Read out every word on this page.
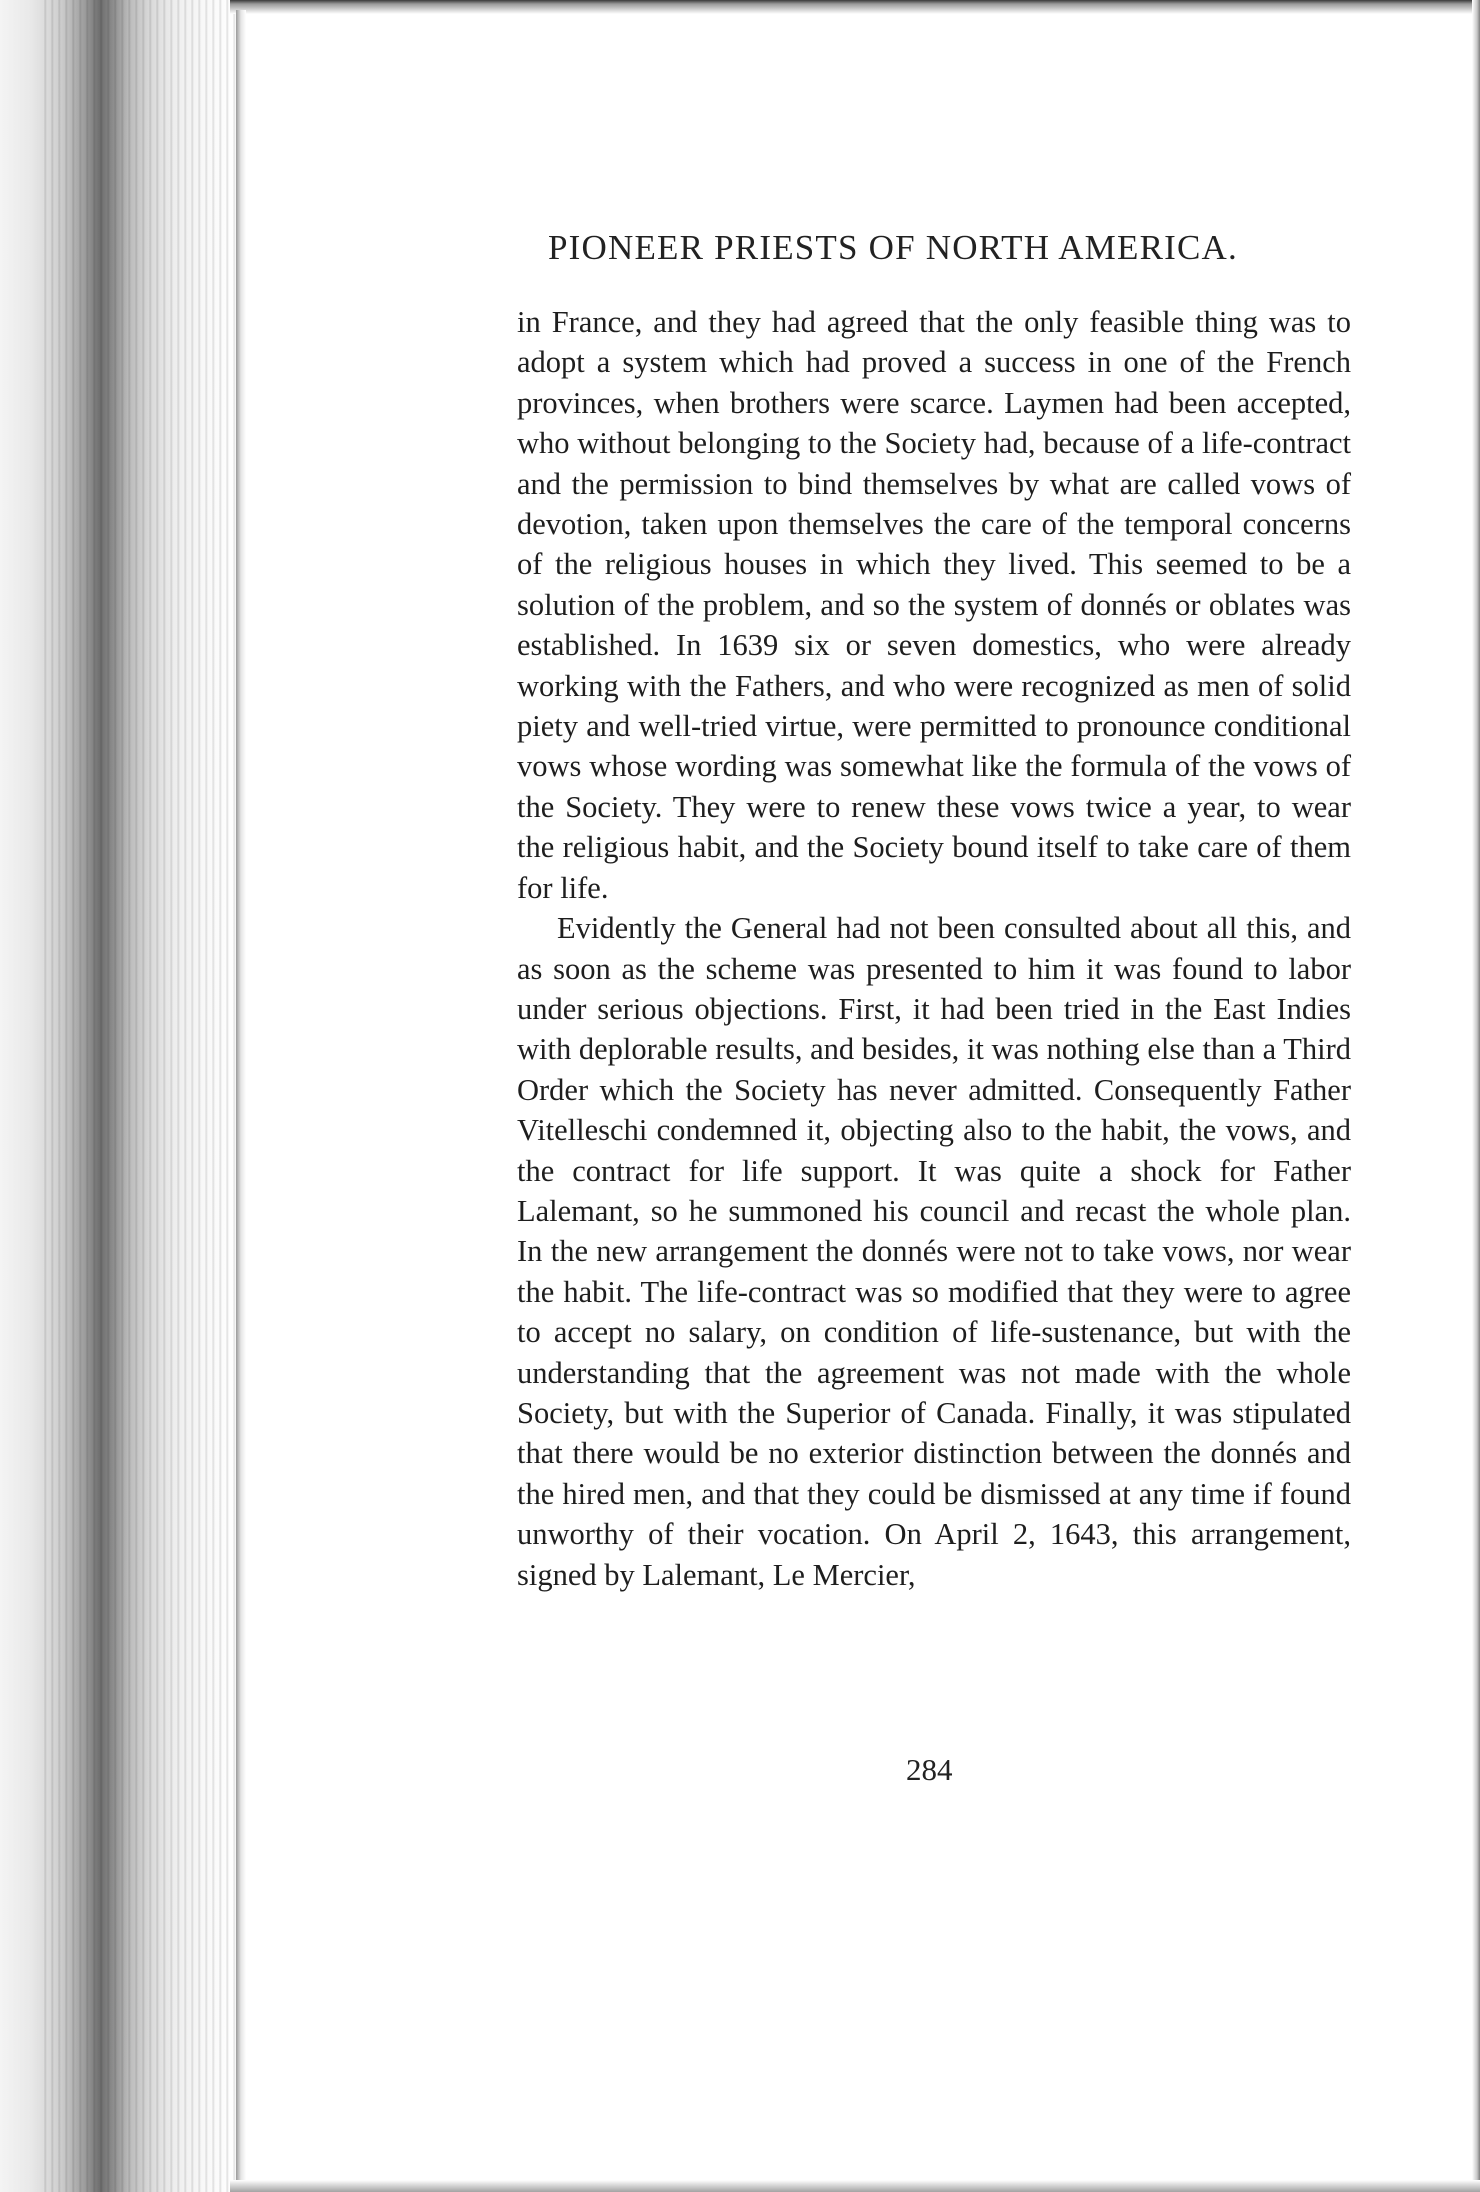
PIONEER PRIESTS OF NORTH AMERICA.

in France, and they had agreed that the only feasible thing was to adopt a system which had proved a success in one of the French provinces, when brothers were scarce. Laymen had been accepted, who without belonging to the Society had, because of a life-contract and the permission to bind themselves by what are called vows of devotion, taken upon themselves the care of the temporal concerns of the religious houses in which they lived. This seemed to be a solution of the problem, and so the system of donnés or oblates was established. In 1639 six or seven domestics, who were already working with the Fathers, and who were recognized as men of solid piety and well-tried virtue, were permitted to pronounce conditional vows whose wording was somewhat like the formula of the vows of the Society. They were to renew these vows twice a year, to wear the religious habit, and the Society bound itself to take care of them for life.

Evidently the General had not been consulted about all this, and as soon as the scheme was presented to him it was found to labor under serious objections. First, it had been tried in the East Indies with deplorable results, and besides, it was nothing else than a Third Order which the Society has never admitted. Consequently Father Vitelleschi condemned it, objecting also to the habit, the vows, and the contract for life support. It was quite a shock for Father Lalemant, so he summoned his council and recast the whole plan. In the new arrangement the donnés were not to take vows, nor wear the habit. The life-contract was so modified that they were to agree to accept no salary, on condition of life-sustenance, but with the understanding that the agreement was not made with the whole Society, but with the Superior of Canada. Finally, it was stipulated that there would be no exterior distinction between the donnés and the hired men, and that they could be dismissed at any time if found unworthy of their vocation. On April 2, 1643, this arrangement, signed by Lalemant, Le Mercier,

284
